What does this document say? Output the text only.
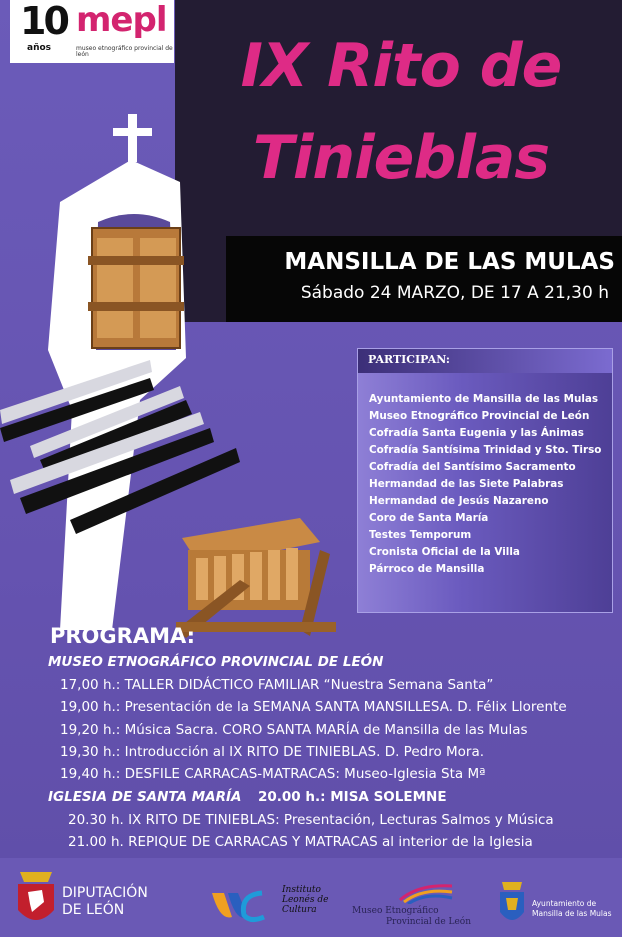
10
años
mepl
museo etnográfico provincial de león	IX Rito de
Tinieblas
MANSILLA DE LAS MULAS
Sábado 24 MARZO, DE 17 A 21,30 h
PARTICIPAN:
Ayuntamiento de Mansilla de las Mulas
Museo Etnográfico Provincial de León
Cofradía Santa Eugenia y las Ánimas
Cofradía Santísima Trinidad y Sto. Tirso
Cofradía del Santísimo Sacramento
Hermandad de las Siete Palabras
Hermandad de Jesús Nazareno
Coro de Santa María
Testes Temporum
Cronista Oficial de la Villa
Párroco de Mansilla
PROGRAMA:
MUSEO ETNOGRÁFICO PROVINCIAL DE LEÓN
17,00 h.: TALLER DIDÁCTICO FAMILIAR “Nuestra Semana Santa”
19,00 h.: Presentación de la SEMANA SANTA MANSILLESA. D. Félix Llorente
19,20 h.: Música Sacra. CORO SANTA MARÍA de Mansilla de las Mulas
19,30 h.: Introducción al IX RITO DE TINIEBLAS. D. Pedro Mora.
19,40 h.: DESFILE CARRACAS-MATRACAS: Museo-Iglesia Sta Mª
IGLESIA DE SANTA MARÍA 20.00 h.: MISA SOLEMNE
20.30 h. IX RITO DE TINIEBLAS: Presentación, Lecturas Salmos y Música
21.00 h. REPIQUE DE CARRACAS Y MATRACAS al interior de la Iglesia
DIPUTACIÓN
DE LEÓN
Instituto
Leonés de
Cultura	Museo Etnográfico
Provincial de León
Ayuntamiento de
Mansilla de las Mulas
